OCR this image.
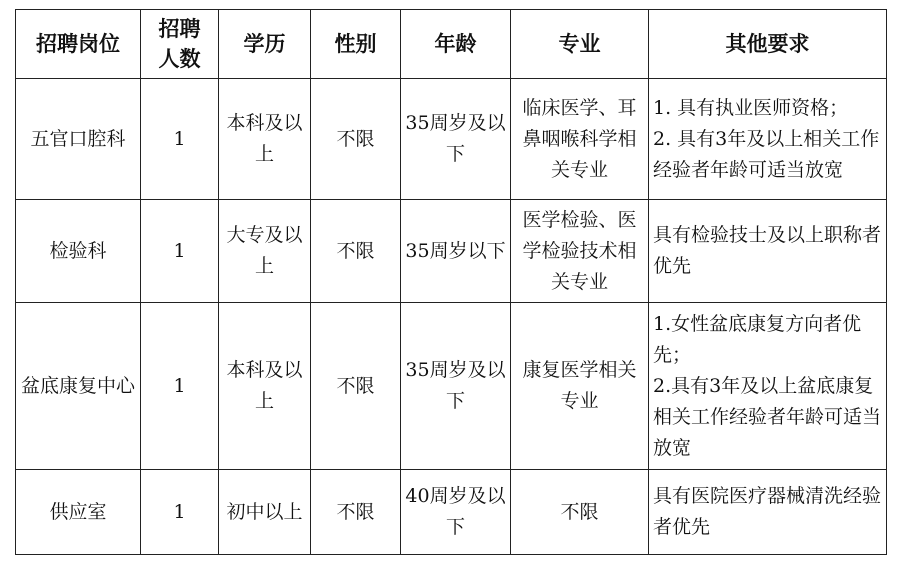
招聘岗位	招聘人数	学历	性别	年龄	专业	其他要求
五官口腔科	1	本科及以上	不限	35周岁及以下	临床医学、耳鼻咽喉科学相关专业	1. 具有执业医师资格；
2. 具有3年及以上相关工作经验者年龄可适当放宽

检验科	1	大专及以上	不限	35周岁以下	医学检验、医学检验技术相关专业	具有检验技士及以上职称者优先

盆底康复中心	1	本科及以上	不限	35周岁及以下	康复医学相关专业	1.女性盆底康复方向者优先；
2.具有3年及以上盆底康复相关工作经验者年龄可适当放宽

供应室	1	初中以上	不限	40周岁及以下	不限	具有医院医疗器械清洗经验者优先
